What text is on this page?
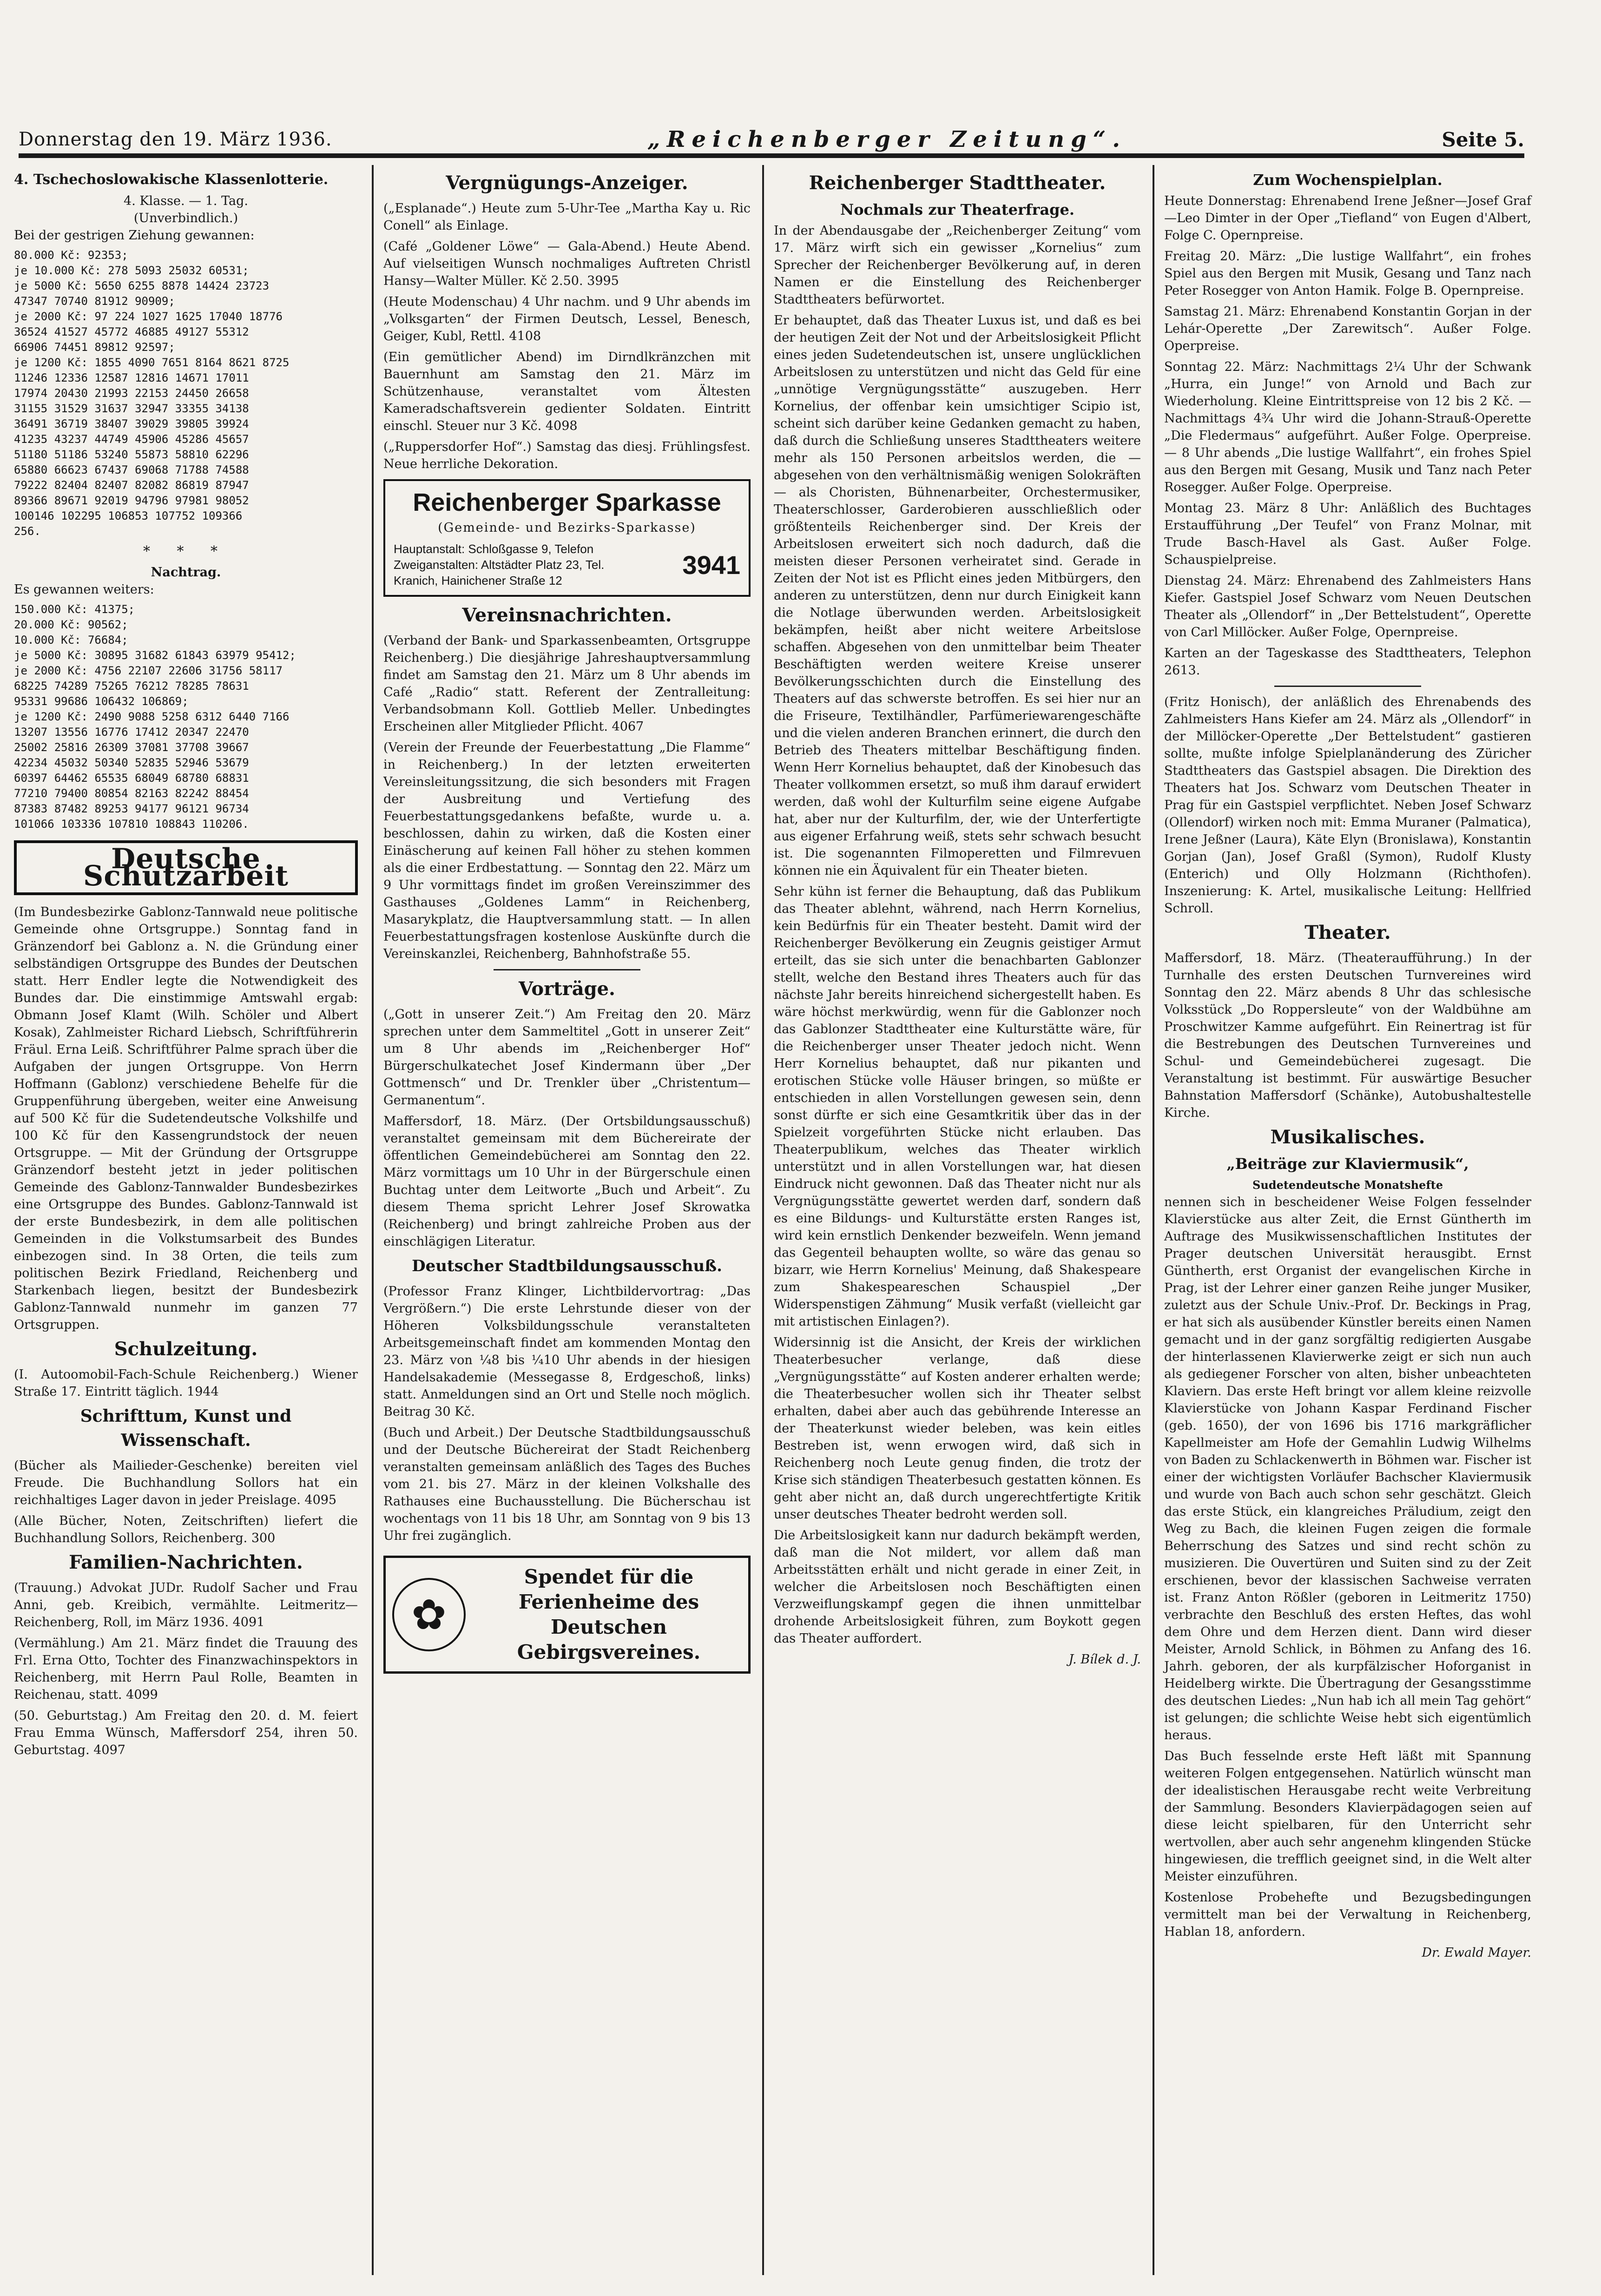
Donnerstag den 19. März 1936.	„Reichenberger Zeitung“.	Seite 5.
4. Tschechoslowakische Klassenlotterie.
4. Klasse. — 1. Tag.
(Unverbindlich.)

Bei der gestrigen Ziehung gewannen:

80.000 Kč: 92353;
je 10.000 Kč: 278 5093 25032 60531;
je 5000 Kč: 5650 6255 8878 14424 23723
47347 70740 81912 90909;
je 2000 Kč: 97 224 1027 1625 17040 18776
36524 41527 45772 46885 49127 55312
66906 74451 89812 92597;
je 1200 Kč: 1855 4090 7651 8164 8621 8725
11246 12336 12587 12816 14671 17011
17974 20430 21993 22153 24450 26658
31155 31529 31637 32947 33355 34138
36491 36719 38407 39029 39805 39924
41235 43237 44749 45906 45286 45657
51180 51186 53240 55873 58810 62296
65880 66623 67437 69068 71788 74588
79222 82404 82407 82082 86819 87947
89366 89671 92019 94796 97981 98052
100146 102295 106853 107752 109366
256.
* * *
Nachtrag.

Es gewannen weiters:

150.000 Kč: 41375;
20.000 Kč: 90562;
10.000 Kč: 76684;
je 5000 Kč: 30895 31682 61843 63979 95412;
je 2000 Kč: 4756 22107 22606 31756 58117
68225 74289 75265 76212 78285 78631
95331 99686 106432 106869;
je 1200 Kč: 2490 9088 5258 6312 6440 7166
13207 13556 16776 17412 20347 22470
25002 25816 26309 37081 37708 39667
42234 45032 50340 52835 52946 53679
60397 64462 65535 68049 68780 68831
77210 79400 80854 82163 82242 88454
87383 87482 89253 94177 96121 96734
101066 103336 107810 108843 110206.
Deutsche Schutzarbeit

(Im Bundesbezirke Gablonz-Tannwald neue politische Gemeinde ohne Ortsgruppe.) Sonntag fand in Gränzendorf bei Gablonz a. N. die Gründung einer selbständigen Ortsgruppe des Bundes der Deutschen statt. Herr Endler legte die Notwendigkeit des Bundes dar. Die einstimmige Amtswahl ergab: Obmann Josef Klamt (Wilh. Schöler und Albert Kosak), Zahlmeister Richard Liebsch, Schriftführerin Fräul. Erna Leiß. Schriftführer Palme sprach über die Aufgaben der jungen Ortsgruppe. Von Herrn Hoffmann (Gablonz) verschiedene Behelfe für die Gruppenführung übergeben, weiter eine Anweisung auf 500 Kč für die Sudetendeutsche Volkshilfe und 100 Kč für den Kassengrundstock der neuen Ortsgruppe. — Mit der Gründung der Ortsgruppe Gränzendorf besteht jetzt in jeder politischen Gemeinde des Gablonz-Tannwalder Bundesbezirkes eine Ortsgruppe des Bundes. Gablonz-Tannwald ist der erste Bundesbezirk, in dem alle politischen Gemeinden in die Volkstumsarbeit des Bundes einbezogen sind. In 38 Orten, die teils zum politischen Bezirk Friedland, Reichenberg und Starkenbach liegen, besitzt der Bundesbezirk Gablonz-Tannwald nunmehr im ganzen 77 Ortsgruppen.

Schulzeitung.

(I. Autoomobil-Fach-Schule Reichenberg.) Wiener Straße 17. Eintritt täglich. 1944

Schrifttum, Kunst und Wissenschaft.

(Bücher als Mailieder-Geschenke) bereiten viel Freude. Die Buchhandlung Sollors hat ein reichhaltiges Lager davon in jeder Preislage. 4095

(Alle Bücher, Noten, Zeitschriften) liefert die Buchhandlung Sollors, Reichenberg. 300

Familien-Nachrichten.

(Trauung.) Advokat JUDr. Rudolf Sacher und Frau Anni, geb. Kreibich, vermählte. Leitmeritz—Reichenberg, Roll, im März 1936. 4091

(Vermählung.) Am 21. März findet die Trauung des Frl. Erna Otto, Tochter des Finanzwachinspektors in Reichenberg, mit Herrn Paul Rolle, Beamten in Reichenau, statt. 4099

(50. Geburtstag.) Am Freitag den 20. d. M. feiert Frau Emma Wünsch, Maffersdorf 254, ihren 50. Geburtstag. 4097

Vergnügungs-Anzeiger.

(„Esplanade“.) Heute zum 5-Uhr-Tee „Martha Kay u. Ric Conell“ als Einlage.

(Café „Goldener Löwe“ — Gala-Abend.) Heute Abend. Auf vielseitigen Wunsch nochmaliges Auftreten Christl Hansy—Walter Müller. Kč 2.50. 3995

(Heute Modenschau) 4 Uhr nachm. und 9 Uhr abends im „Volksgarten“ der Firmen Deutsch, Lessel, Benesch, Geiger, Kubl, Rettl. 4108

(Ein gemütlicher Abend) im Dirndlkränzchen mit Bauernhunt am Samstag den 21. März im Schützenhause, veranstaltet vom Ältesten Kameradschaftsverein gedienter Soldaten. Eintritt einschl. Steuer nur 3 Kč. 4098

(„Ruppersdorfer Hof“.) Samstag das diesj. Frühlingsfest. Neue herrliche Dekoration.

Reichenberger Sparkasse
(Gemeinde- und Bezirks-Sparkasse)
Hauptanstalt: Schloßgasse 9, Telefon
Zweiganstalten: Altstädter Platz 23, Tel.
Kranich, Hainichener Straße 12
3941
Vereinsnachrichten.

(Verband der Bank- und Sparkassenbeamten, Ortsgruppe Reichenberg.) Die diesjährige Jahreshauptversammlung findet am Samstag den 21. März um 8 Uhr abends im Café „Radio“ statt. Referent der Zentralleitung: Verbandsobmann Koll. Gottlieb Meller. Unbedingtes Erscheinen aller Mitglieder Pflicht. 4067

(Verein der Freunde der Feuerbestattung „Die Flamme“ in Reichenberg.) In der letzten erweiterten Vereinsleitungssitzung, die sich besonders mit Fragen der Ausbreitung und Vertiefung des Feuerbestattungsgedankens befaßte, wurde u. a. beschlossen, dahin zu wirken, daß die Kosten einer Einäscherung auf keinen Fall höher zu stehen kommen als die einer Erdbestattung. — Sonntag den 22. März um 9 Uhr vormittags findet im großen Vereinszimmer des Gasthauses „Goldenes Lamm“ in Reichenberg, Masarykplatz, die Hauptversammlung statt. — In allen Feuerbestattungsfragen kostenlose Auskünfte durch die Vereinskanzlei, Reichenberg, Bahnhofstraße 55.

Vorträge.

(„Gott in unserer Zeit.“) Am Freitag den 20. März sprechen unter dem Sammeltitel „Gott in unserer Zeit“ um 8 Uhr abends im „Reichenberger Hof“ Bürgerschulkatechet Josef Kindermann über „Der Gottmensch“ und Dr. Trenkler über „Christentum—Germanentum“.

Maffersdorf, 18. März. (Der Ortsbildungsausschuß) veranstaltet gemeinsam mit dem Büchereirate der öffentlichen Gemeindebücherei am Sonntag den 22. März vormittags um 10 Uhr in der Bürgerschule einen Buchtag unter dem Leitworte „Buch und Arbeit“. Zu diesem Thema spricht Lehrer Josef Skrowatka (Reichenberg) und bringt zahlreiche Proben aus der einschlägigen Literatur.

Deutscher Stadtbildungsausschuß.

(Professor Franz Klinger, Lichtbildervortrag: „Das Vergrößern.“) Die erste Lehrstunde dieser von der Höheren Volksbildungsschule veranstalteten Arbeitsgemeinschaft findet am kommenden Montag den 23. März von ¼8 bis ¼10 Uhr abends in der hiesigen Handelsakademie (Messegasse 8, Erdgeschoß, links) statt. Anmeldungen sind an Ort und Stelle noch möglich. Beitrag 30 Kč.

(Buch und Arbeit.) Der Deutsche Stadtbildungsausschuß und der Deutsche Büchereirat der Stadt Reichenberg veranstalten gemeinsam anläßlich des Tages des Buches vom 21. bis 27. März in der kleinen Volkshalle des Rathauses eine Buchausstellung. Die Bücherschau ist wochentags von 11 bis 18 Uhr, am Sonntag von 9 bis 13 Uhr frei zugänglich.

✿
Spendet für die Ferienheime des Deutschen Gebirgsvereines.
Reichenberger Stadttheater.
Nochmals zur Theaterfrage.

In der Abendausgabe der „Reichenberger Zeitung“ vom 17. März wirft sich ein gewisser „Kornelius“ zum Sprecher der Reichenberger Bevölkerung auf, in deren Namen er die Einstellung des Reichenberger Stadttheaters befürwortet.

Er behauptet, daß das Theater Luxus ist, und daß es bei der heutigen Zeit der Not und der Arbeitslosigkeit Pflicht eines jeden Sudetendeutschen ist, unsere unglücklichen Arbeitslosen zu unterstützen und nicht das Geld für eine „unnötige Vergnügungsstätte“ auszugeben. Herr Kornelius, der offenbar kein umsichtiger Scipio ist, scheint sich darüber keine Gedanken gemacht zu haben, daß durch die Schließung unseres Stadttheaters weitere mehr als 150 Personen arbeitslos werden, die — abgesehen von den verhältnismäßig wenigen Solokräften — als Choristen, Bühnenarbeiter, Orchestermusiker, Theaterschlosser, Garderobieren ausschließlich oder größtenteils Reichenberger sind. Der Kreis der Arbeitslosen erweitert sich noch dadurch, daß die meisten dieser Personen verheiratet sind. Gerade in Zeiten der Not ist es Pflicht eines jeden Mitbürgers, den anderen zu unterstützen, denn nur durch Einigkeit kann die Notlage überwunden werden. Arbeitslosigkeit bekämpfen, heißt aber nicht weitere Arbeitslose schaffen. Abgesehen von den unmittelbar beim Theater Beschäftigten werden weitere Kreise unserer Bevölkerungsschichten durch die Einstellung des Theaters auf das schwerste betroffen. Es sei hier nur an die Friseure, Textilhändler, Parfümeriewarengeschäfte und die vielen anderen Branchen erinnert, die durch den Betrieb des Theaters mittelbar Beschäftigung finden. Wenn Herr Kornelius behauptet, daß der Kinobesuch das Theater vollkommen ersetzt, so muß ihm darauf erwidert werden, daß wohl der Kulturfilm seine eigene Aufgabe hat, aber nur der Kulturfilm, der, wie der Unterfertigte aus eigener Erfahrung weiß, stets sehr schwach besucht ist. Die sogenannten Filmoperetten und Filmrevuen können nie ein Äquivalent für ein Theater bieten.

Sehr kühn ist ferner die Behauptung, daß das Publikum das Theater ablehnt, während, nach Herrn Kornelius, kein Bedürfnis für ein Theater besteht. Damit wird der Reichenberger Bevölkerung ein Zeugnis geistiger Armut erteilt, das sie sich unter die benachbarten Gablonzer stellt, welche den Bestand ihres Theaters auch für das nächste Jahr bereits hinreichend sichergestellt haben. Es wäre höchst merkwürdig, wenn für die Gablonzer noch das Gablonzer Stadttheater eine Kulturstätte wäre, für die Reichenberger unser Theater jedoch nicht. Wenn Herr Kornelius behauptet, daß nur pikanten und erotischen Stücke volle Häuser bringen, so müßte er entschieden in allen Vorstellungen gewesen sein, denn sonst dürfte er sich eine Gesamtkritik über das in der Spielzeit vorgeführten Stücke nicht erlauben. Das Theaterpublikum, welches das Theater wirklich unterstützt und in allen Vorstellungen war, hat diesen Eindruck nicht gewonnen. Daß das Theater nicht nur als Vergnügungsstätte gewertet werden darf, sondern daß es eine Bildungs- und Kulturstätte ersten Ranges ist, wird kein ernstlich Denkender bezweifeln. Wenn jemand das Gegenteil behaupten wollte, so wäre das genau so bizarr, wie Herrn Kornelius' Meinung, daß Shakespeare zum Shakespeareschen Schauspiel „Der Widerspenstigen Zähmung“ Musik verfaßt (vielleicht gar mit artistischen Einlagen?).

Widersinnig ist die Ansicht, der Kreis der wirklichen Theaterbesucher verlange, daß diese „Vergnügungsstätte“ auf Kosten anderer erhalten werde; die Theaterbesucher wollen sich ihr Theater selbst erhalten, dabei aber auch das gebührende Interesse an der Theaterkunst wieder beleben, was kein eitles Bestreben ist, wenn erwogen wird, daß sich in Reichenberg noch Leute genug finden, die trotz der Krise sich ständigen Theaterbesuch gestatten können. Es geht aber nicht an, daß durch ungerechtfertigte Kritik unser deutsches Theater bedroht werden soll.

Die Arbeitslosigkeit kann nur dadurch bekämpft werden, daß man die Not mildert, vor allem daß man Arbeitsstätten erhält und nicht gerade in einer Zeit, in welcher die Arbeitslosen noch Beschäftigten einen Verzweiflungskampf gegen die ihnen unmittelbar drohende Arbeitslosigkeit führen, zum Boykott gegen das Theater auffordert.

J. Bílek d. J.
Zum Wochenspielplan.

Heute Donnerstag: Ehrenabend Irene Jeßner—Josef Graf—Leo Dimter in der Oper „Tiefland“ von Eugen d'Albert, Folge C. Opernpreise.

Freitag 20. März: „Die lustige Wallfahrt“, ein frohes Spiel aus den Bergen mit Musik, Gesang und Tanz nach Peter Rosegger von Anton Hamik. Folge B. Opernpreise.

Samstag 21. März: Ehrenabend Konstantin Gorjan in der Lehár-Operette „Der Zarewitsch“. Außer Folge. Operpreise.

Sonntag 22. März: Nachmittags 2¼ Uhr der Schwank „Hurra, ein Junge!“ von Arnold und Bach zur Wiederholung. Kleine Eintrittspreise von 12 bis 2 Kč. — Nachmittags 4¾ Uhr wird die Johann-Strauß-Operette „Die Fledermaus“ aufgeführt. Außer Folge. Operpreise. — 8 Uhr abends „Die lustige Wallfahrt“, ein frohes Spiel aus den Bergen mit Gesang, Musik und Tanz nach Peter Rosegger. Außer Folge. Operpreise.

Montag 23. März 8 Uhr: Anläßlich des Buchtages Erstaufführung „Der Teufel“ von Franz Molnar, mit Trude Basch-Havel als Gast. Außer Folge. Schauspielpreise.

Dienstag 24. März: Ehrenabend des Zahlmeisters Hans Kiefer. Gastspiel Josef Schwarz vom Neuen Deutschen Theater als „Ollendorf“ in „Der Bettelstudent“, Operette von Carl Millöcker. Außer Folge, Opernpreise.

Karten an der Tageskasse des Stadttheaters, Telephon 2613.

(Fritz Honisch), der anläßlich des Ehrenabends des Zahlmeisters Hans Kiefer am 24. März als „Ollendorf“ in der Millöcker-Operette „Der Bettelstudent“ gastieren sollte, mußte infolge Spielplanänderung des Züricher Stadttheaters das Gastspiel absagen. Die Direktion des Theaters hat Jos. Schwarz vom Deutschen Theater in Prag für ein Gastspiel verpflichtet. Neben Josef Schwarz (Ollendorf) wirken noch mit: Emma Muraner (Palmatica), Irene Jeßner (Laura), Käte Elyn (Bronislawa), Konstantin Gorjan (Jan), Josef Graßl (Symon), Rudolf Klusty (Enterich) und Olly Holzmann (Richthofen). Inszenierung: K. Artel, musikalische Leitung: Hellfried Schroll.

Theater.

Maffersdorf, 18. März. (Theateraufführung.) In der Turnhalle des ersten Deutschen Turnvereines wird Sonntag den 22. März abends 8 Uhr das schlesische Volksstück „Do Roppersleute“ von der Waldbühne am Proschwitzer Kamme aufgeführt. Ein Reinertrag ist für die Bestrebungen des Deutschen Turnvereines und Schul- und Gemeindebücherei zugesagt. Die Veranstaltung ist bestimmt. Für auswärtige Besucher Bahnstation Maffersdorf (Schänke), Autobushaltestelle Kirche.

Musikalisches.
„Beiträge zur Klaviermusik“,
Sudetendeutsche Monatshefte

nennen sich in bescheidener Weise Folgen fesselnder Klavierstücke aus alter Zeit, die Ernst Güntherth im Auftrage des Musikwissenschaftlichen Institutes der Prager deutschen Universität herausgibt. Ernst Güntherth, erst Organist der evangelischen Kirche in Prag, ist der Lehrer einer ganzen Reihe junger Musiker, zuletzt aus der Schule Univ.-Prof. Dr. Beckings in Prag, er hat sich als ausübender Künstler bereits einen Namen gemacht und in der ganz sorgfältig redigierten Ausgabe der hinterlassenen Klavierwerke zeigt er sich nun auch als gediegener Forscher von alten, bisher unbeachteten Klaviern. Das erste Heft bringt vor allem kleine reizvolle Klavierstücke von Johann Kaspar Ferdinand Fischer (geb. 1650), der von 1696 bis 1716 markgräflicher Kapellmeister am Hofe der Gemahlin Ludwig Wilhelms von Baden zu Schlackenwerth in Böhmen war. Fischer ist einer der wichtigsten Vorläufer Bachscher Klaviermusik und wurde von Bach auch schon sehr geschätzt. Gleich das erste Stück, ein klangreiches Präludium, zeigt den Weg zu Bach, die kleinen Fugen zeigen die formale Beherrschung des Satzes und sind recht schön zu musizieren. Die Ouvertüren und Suiten sind zu der Zeit erschienen, bevor der klassischen Sachweise verraten ist. Franz Anton Rößler (geboren in Leitmeritz 1750) verbrachte den Beschluß des ersten Heftes, das wohl dem Ohre und dem Herzen dient. Dann wird dieser Meister, Arnold Schlick, in Böhmen zu Anfang des 16. Jahrh. geboren, der als kurpfälzischer Hoforganist in Heidelberg wirkte. Die Übertragung der Gesangsstimme des deutschen Liedes: „Nun hab ich all mein Tag gehört“ ist gelungen; die schlichte Weise hebt sich eigentümlich heraus.

Das Buch fesselnde erste Heft läßt mit Spannung weiteren Folgen entgegensehen. Natürlich wünscht man der idealistischen Herausgabe recht weite Verbreitung der Sammlung. Besonders Klavierpädagogen seien auf diese leicht spielbaren, für den Unterricht sehr wertvollen, aber auch sehr angenehm klingenden Stücke hingewiesen, die trefflich geeignet sind, in die Welt alter Meister einzuführen.

Kostenlose Probehefte und Bezugsbedingungen vermittelt man bei der Verwaltung in Reichenberg, Hablan 18, anfordern.

Dr. Ewald Mayer.
